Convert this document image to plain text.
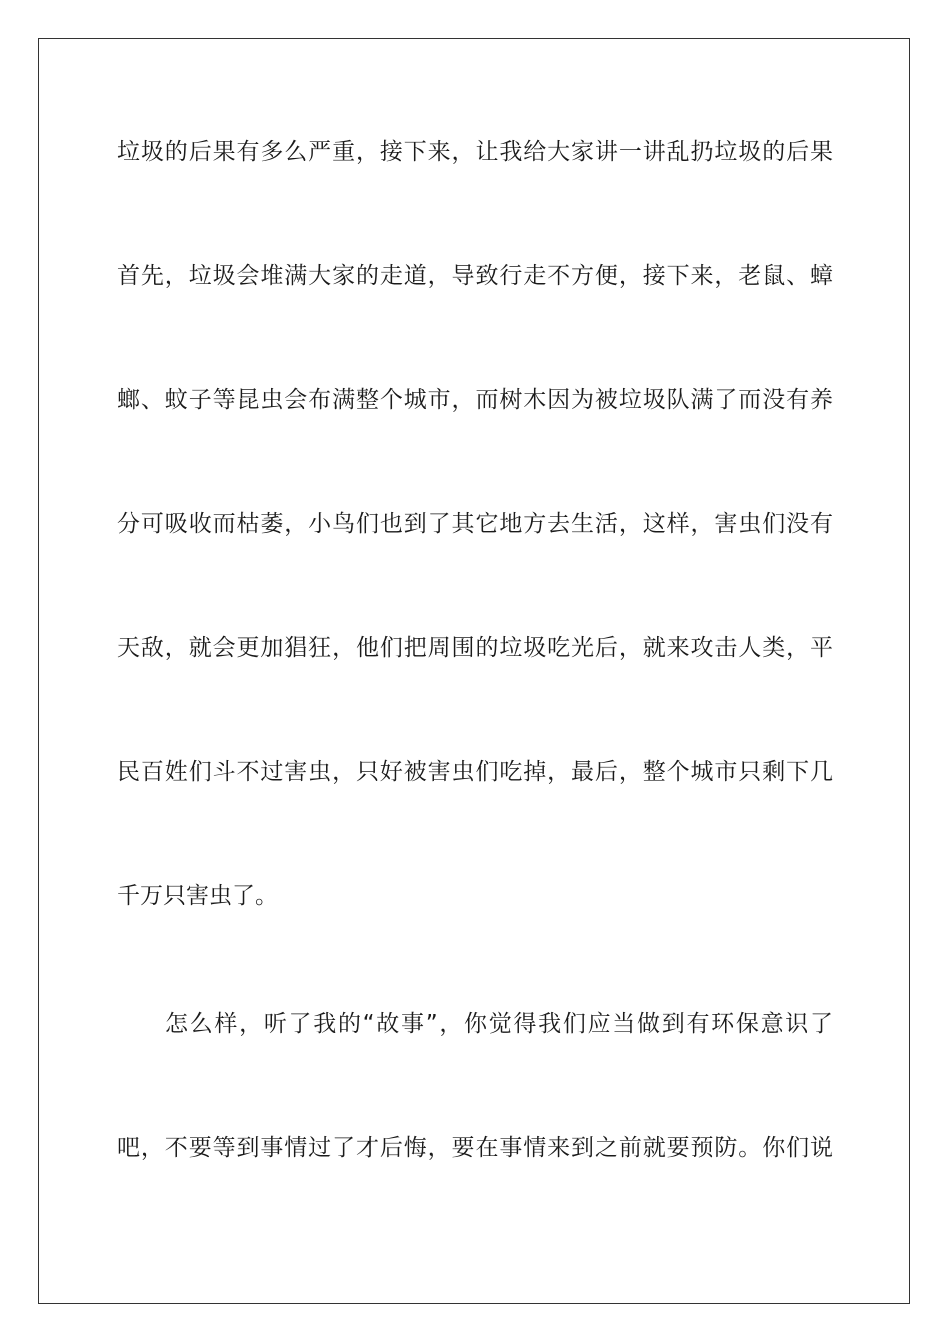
垃圾的后果有多么严重，接下来，让我给大家讲一讲乱扔垃圾的后果
首先，垃圾会堆满大家的走道，导致行走不方便，接下来，老鼠、蟑
螂、蚊子等昆虫会布满整个城市，而树木因为被垃圾队满了而没有养
分可吸收而枯萎，小鸟们也到了其它地方去生活，这样，害虫们没有
天敌，就会更加猖狂，他们把周围的垃圾吃光后，就来攻击人类，平
民百姓们斗不过害虫，只好被害虫们吃掉，最后，整个城市只剩下几
千万只害虫了。
怎么样，听了我的“故事”，你觉得我们应当做到有环保意识了
吧，不要等到事情过了才后悔，要在事情来到之前就要预防。你们说
